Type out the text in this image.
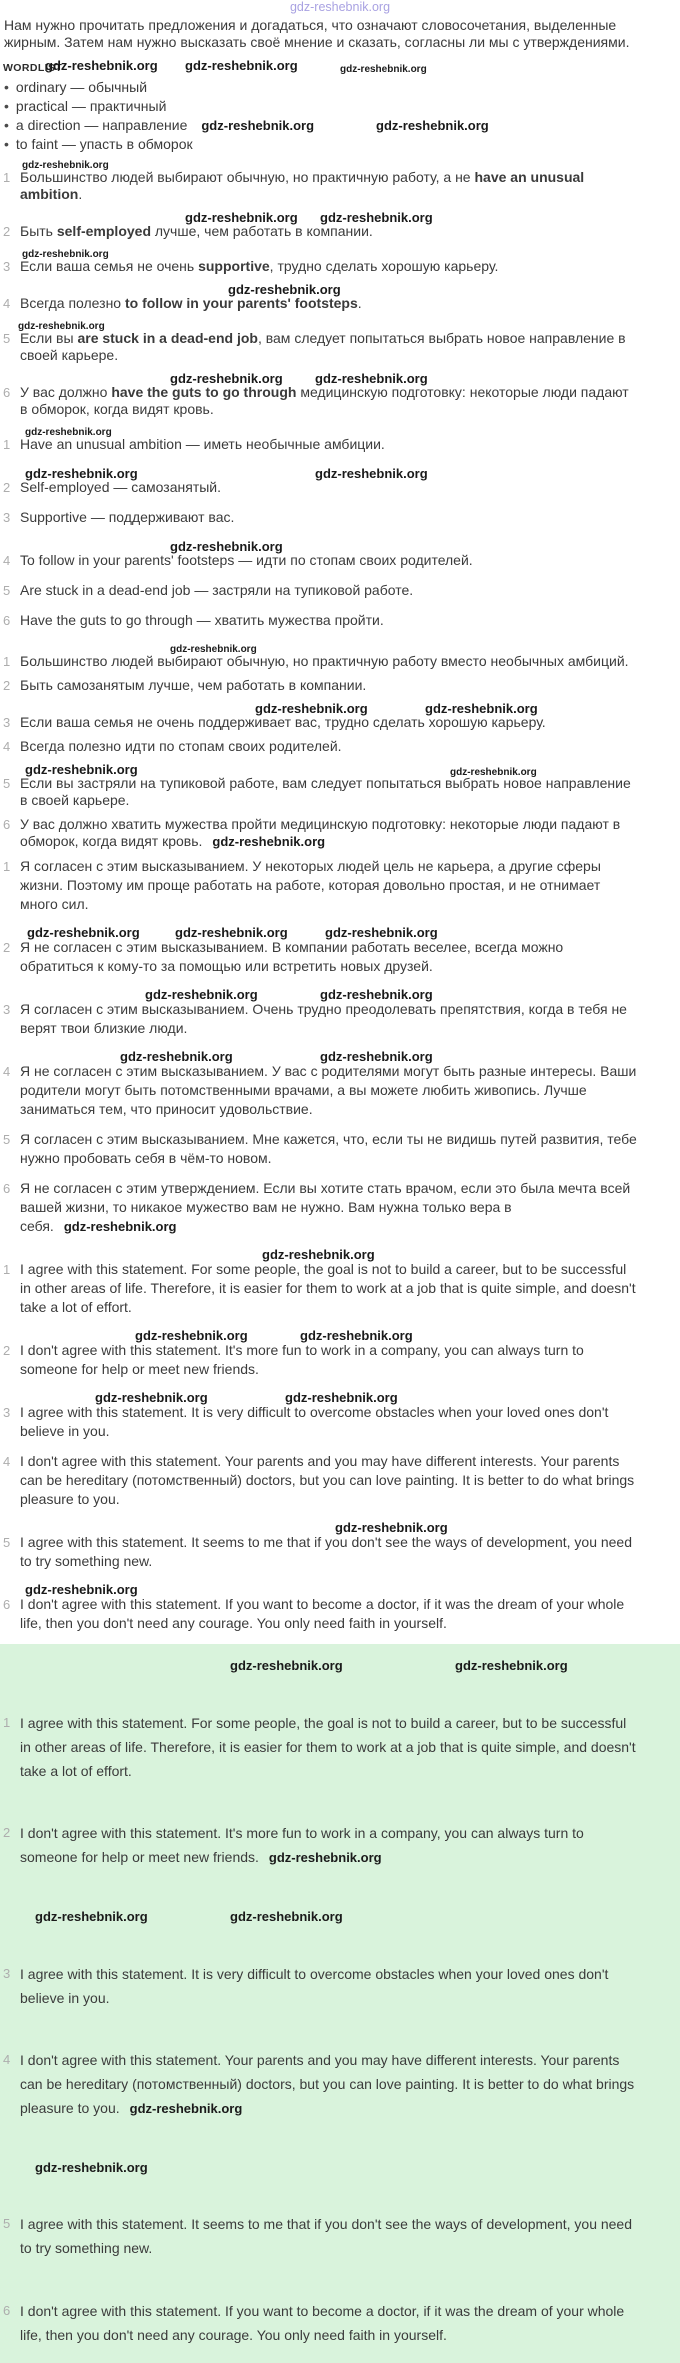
gdz-reshebnik.org

Нам нужно прочитать предложения и догадаться, что означают словосочетания, выделенные жирным. Затем нам нужно высказать своё мнение и сказать, согласны ли мы с утверждениями.

WORDLIST
gdz-reshebnik.org gdz-reshebnik.org	gdz-reshebnik.org
• ordinary — обычный
• practical — практичный
• a direction — направление gdz-reshebnik.org	gdz-reshebnik.org
• to faint — упасть в обморок
gdz-reshebnik.org
1 Большинство людей выбирают обычную, но практичную работу, а не have an unusual ambition.

gdz-reshebnik.org gdz-reshebnik.org
2 Быть self-employed лучше, чем работать в компании.

gdz-reshebnik.org
3 Если ваша семья не очень supportive, трудно сделать хорошую карьеру.

gdz-reshebnik.org
4 Всегда полезно to follow in your parents' footsteps.

gdz-reshebnik.org
5 Если вы are stuck in a dead-end job, вам следует попытаться выбрать новое направление в своей карьере.

gdz-reshebnik.org gdz-reshebnik.org
6 У вас должно have the guts to go through медицинскую подготовку: некоторые люди падают в обморок, когда видят кровь.

gdz-reshebnik.org
1 Have an unusual ambition — иметь необычные амбиции.

gdz-reshebnik.org	gdz-reshebnik.org
2 Self-employed — самозанятый.

3 Supportive — поддерживают вас.

gdz-reshebnik.org
4 To follow in your parents' footsteps — идти по стопам своих родителей.

5 Are stuck in a dead-end job — застряли на тупиковой работе.

6 Have the guts to go through — хватить мужества пройти.

gdz-reshebnik.org
1 Большинство людей выбирают обычную, но практичную работу вместо необычных амбиций.

2 Быть самозанятым лучше, чем работать в компании.

gdz-reshebnik.org	gdz-reshebnik.org
3 Если ваша семья не очень поддерживает вас, трудно сделать хорошую карьеру.

4 Всегда полезно идти по стопам своих родителей.

gdz-reshebnik.org	gdz-reshebnik.org
5 Если вы застряли на тупиковой работе, вам следует попытаться выбрать новое направление в своей карьере.

6 У вас должно хватить мужества пройти медицинскую подготовку: некоторые люди падают в обморок, когда видят кровь. gdz-reshebnik.org

1 Я согласен с этим высказыванием. У некоторых людей цель не карьера, а другие сферы жизни. Поэтому им проще работать на работе, которая довольно простая, и не отнимает много сил.

gdz-reshebnik.org	gdz-reshebnik.org	gdz-reshebnik.org
2 Я не согласен с этим высказыванием. В компании работать веселее, всегда можно обратиться к кому-то за помощью или встретить новых друзей.

gdz-reshebnik.org	gdz-reshebnik.org
3 Я согласен с этим высказыванием. Очень трудно преодолевать препятствия, когда в тебя не верят твои близкие люди.

gdz-reshebnik.org	gdz-reshebnik.org
4 Я не согласен с этим высказыванием. У вас с родителями могут быть разные интересы. Ваши родители могут быть потомственными врачами, а вы можете любить живопись. Лучше заниматься тем, что приносит удовольствие.

5 Я согласен с этим высказыванием. Мне кажется, что, если ты не видишь путей развития, тебе нужно пробовать себя в чём-то новом.

6 Я не согласен с этим утверждением. Если вы хотите стать врачом, если это была мечта всей вашей жизни, то никакое мужество вам не нужно. Вам нужна только вера в себя. gdz-reshebnik.org

gdz-reshebnik.org
1 I agree with this statement. For some people, the goal is not to build a career, but to be successful in other areas of life. Therefore, it is easier for them to work at a job that is quite simple, and doesn't take a lot of effort.

gdz-reshebnik.org	gdz-reshebnik.org
2 I don't agree with this statement. It's more fun to work in a company, you can always turn to someone for help or meet new friends.

gdz-reshebnik.org	gdz-reshebnik.org
3 I agree with this statement. It is very difficult to overcome obstacles when your loved ones don't believe in you.

4 I don't agree with this statement. Your parents and you may have different interests. Your parents can be hereditary (потомственный) doctors, but you can love painting. It is better to do what brings pleasure to you.

gdz-reshebnik.org
5 I agree with this statement. It seems to me that if you don't see the ways of development, you need to try something new.

gdz-reshebnik.org
6 I don't agree with this statement. If you want to become a doctor, if it was the dream of your whole life, then you don't need any courage. You only need faith in yourself.

gdz-reshebnik.org	gdz-reshebnik.org
1 I agree with this statement. For some people, the goal is not to build a career, but to be successful in other areas of life. Therefore, it is easier for them to work at a job that is quite simple, and doesn't take a lot of effort.

2 I don't agree with this statement. It's more fun to work in a company, you can always turn to someone for help or meet new friends. gdz-reshebnik.org

gdz-reshebnik.org	gdz-reshebnik.org
3 I agree with this statement. It is very difficult to overcome obstacles when your loved ones don't believe in you.

4 I don't agree with this statement. Your parents and you may have different interests. Your parents can be hereditary (потомственный) doctors, but you can love painting. It is better to do what brings pleasure to you. gdz-reshebnik.org

gdz-reshebnik.org
5 I agree with this statement. It seems to me that if you don't see the ways of development, you need to try something new.

6 I don't agree with this statement. If you want to become a doctor, if it was the dream of your whole life, then you don't need any courage. You only need faith in yourself.
